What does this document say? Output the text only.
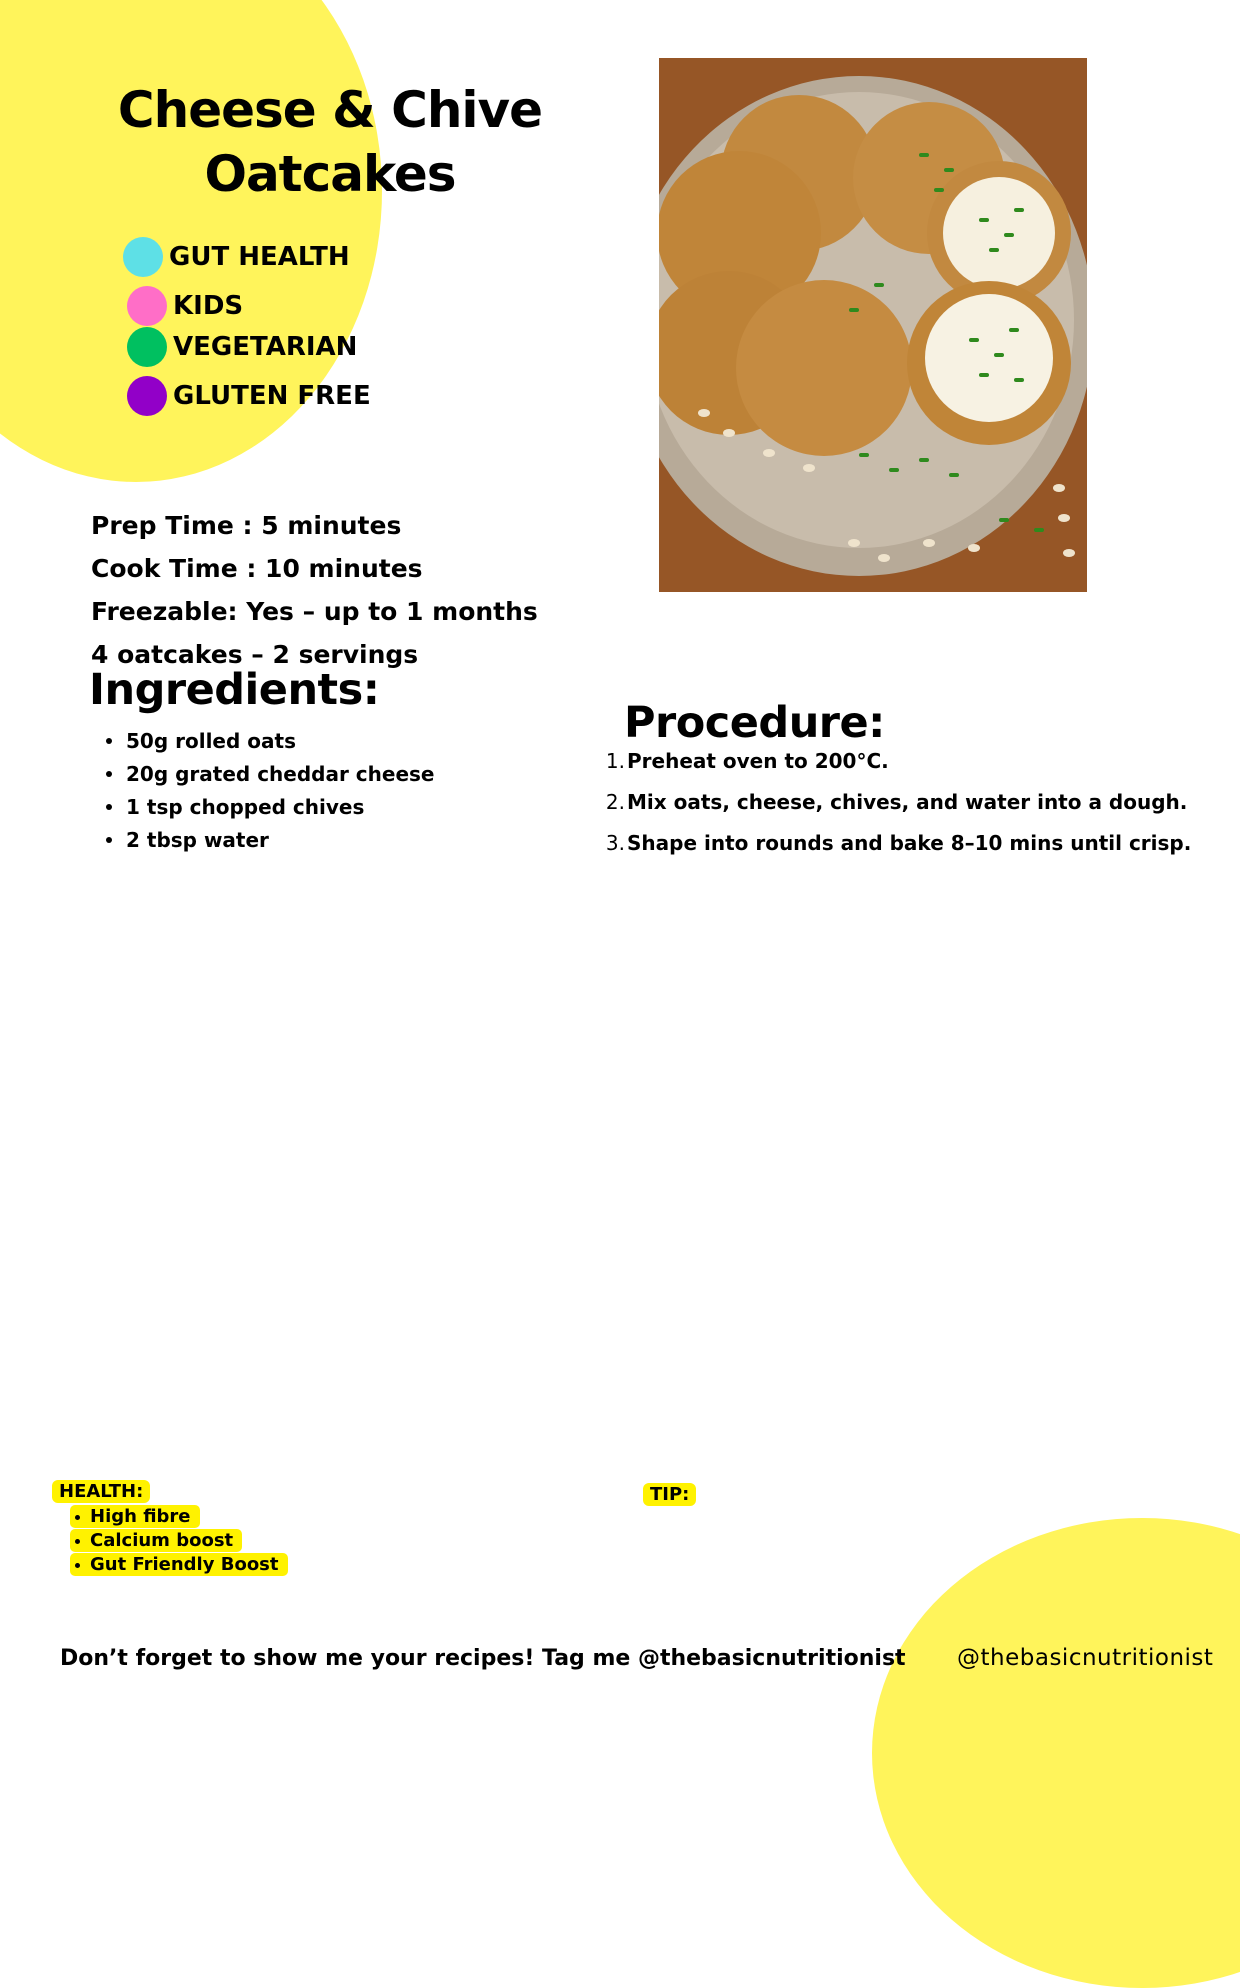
Cheese & Chive
Oatcakes
GUT HEALTH
KIDS
VEGETARIAN
GLUTEN FREE
Prep Time : 5 minutes
Cook Time : 10 minutes
Freezable: Yes – up to 1 months
4 oatcakes – 2 servings
Ingredients:
50g rolled oats
20g grated cheddar cheese
1 tsp chopped chives
2 tbsp water
Procedure:
1. Preheat oven to 200°C.
2. Mix oats, cheese, chives, and water into a dough.
3. Shape into rounds and bake 8–10 mins until crisp.
HEALTH:
High fibre
Calcium boost
Gut Friendly Boost
TIP:
Don’t forget to show me your recipes! Tag me @thebasicnutritionist @thebasicnutritionist
